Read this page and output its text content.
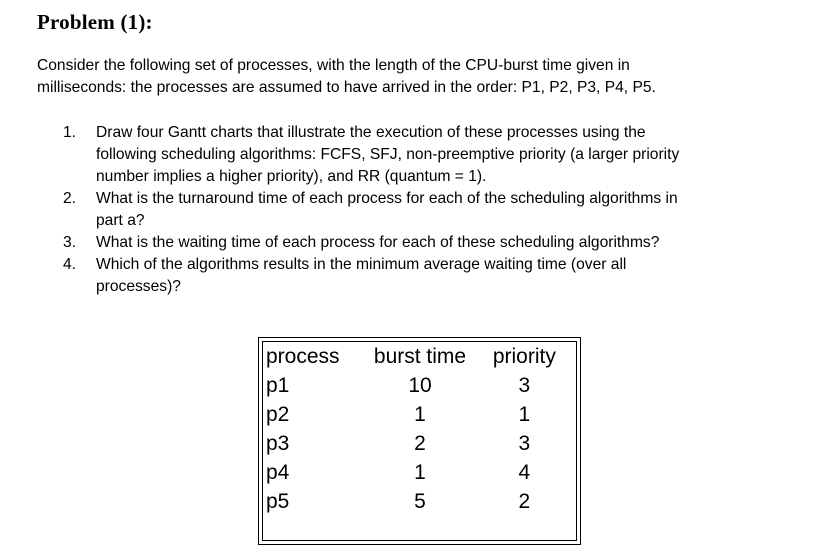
Problem (1):

Consider the following set of processes, with the length of the CPU-burst time given in

milliseconds: the processes are assumed to have arrived in the order: P1, P2, P3, P4, P5.

1.	Draw four Gantt charts that illustrate the execution of these processes using the
following scheduling algorithms: FCFS, SFJ, non-preemptive priority (a larger priority
number implies a higher priority), and RR (quantum = 1).
2.	What is the turnaround time of each process for each of the scheduling algorithms in
part a?
3.	What is the waiting time of each process for each of these scheduling algorithms?
4.	Which of the algorithms results in the minimum average waiting time (over all
processes)?
process	burst time	priority
p1	10	3
p2	1	1
p3	2	3
p4	1	4
p5	5	2
